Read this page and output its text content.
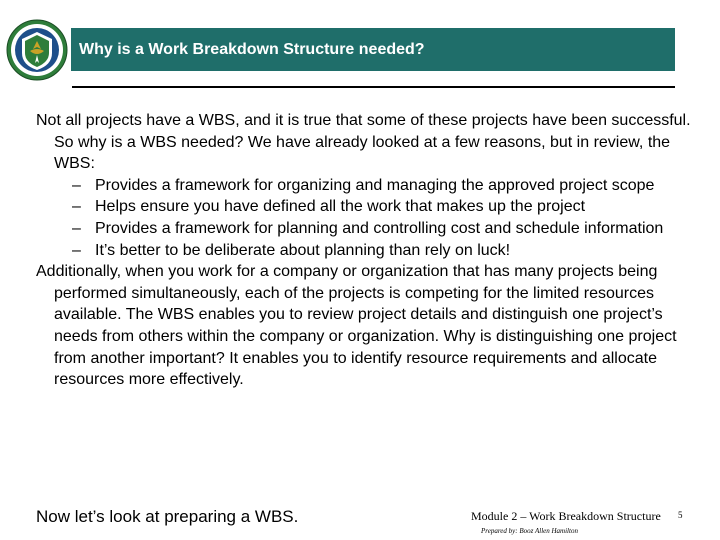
Why is a Work Breakdown Structure needed?

Not all projects have a WBS, and it is true that some of these projects have been successful. So why is a WBS needed? We have already looked at a few reasons, but in review, the WBS:

– Provides a framework for organizing and managing the approved project scope
– Helps ensure you have defined all the work that makes up the project
– Provides a framework for planning and controlling cost and schedule information
– It’s better to be deliberate about planning than rely on luck!

Additionally, when you work for a company or organization that has many projects being performed simultaneously, each of the projects is competing for the limited resources available. The WBS enables you to review project details and distinguish one project’s needs from others within the company or organization. Why is distinguishing one project from another important? It enables you to identify resource requirements and allocate resources more effectively.

Now let’s look at preparing a WBS.	Module 2 – Work Breakdown Structure
Prepared by: Booz Allen Hamilton
5
